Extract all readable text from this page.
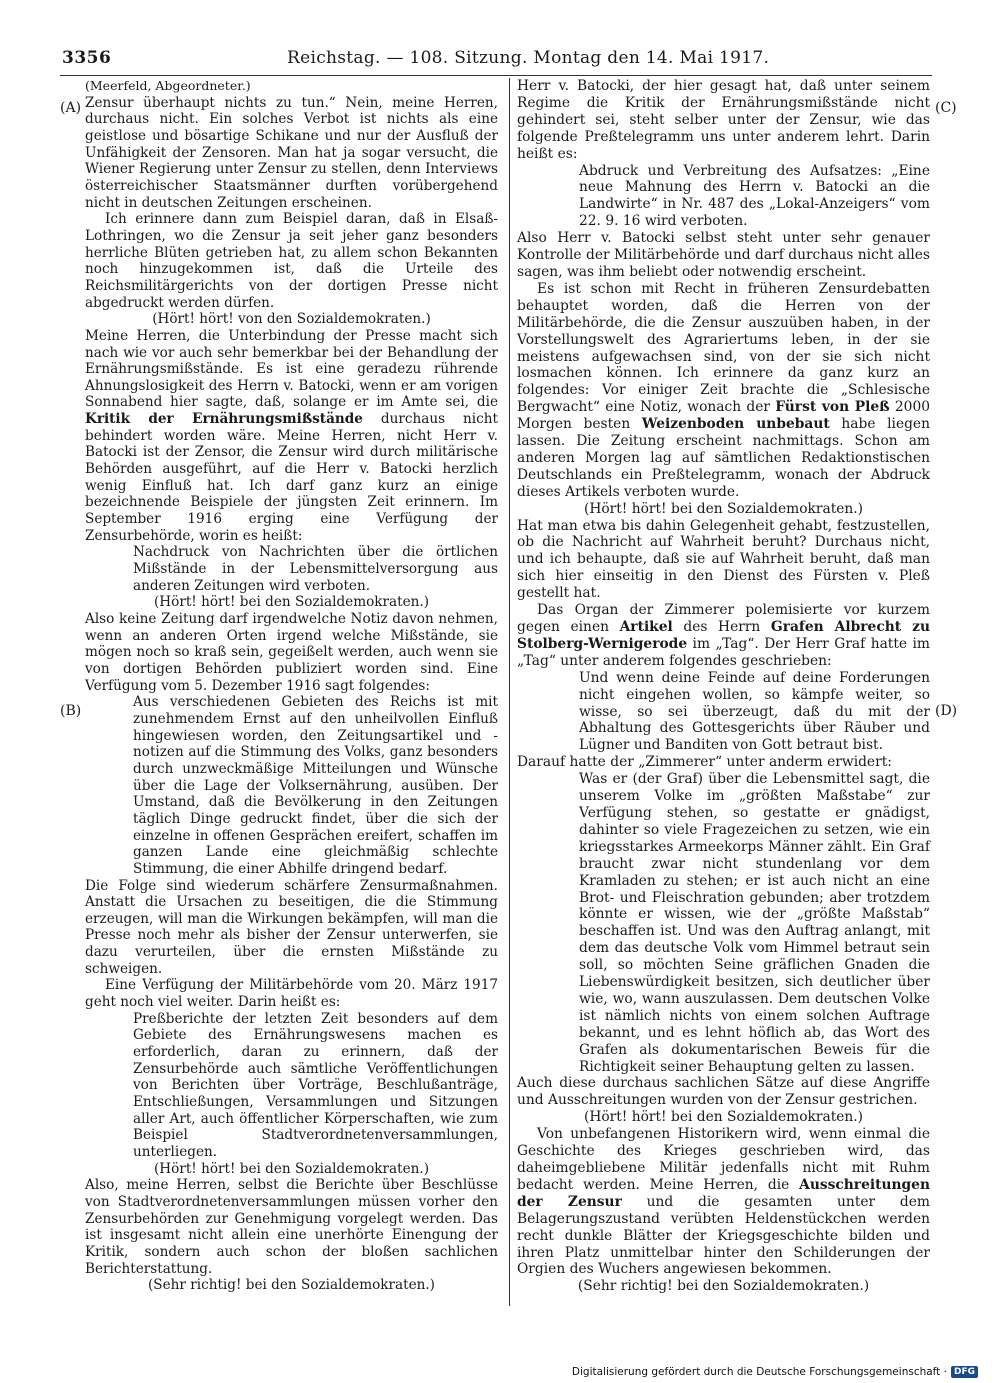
3356	Reichstag. — 108. Sitzung. Montag den 14. Mai 1917.
(A)
(B)
(C)
(D)

(Meerfeld, Abgeordneter.)

Zensur überhaupt nichts zu tun.“ Nein, meine Herren, durchaus nicht. Ein solches Verbot ist nichts als eine geistlose und bösartige Schikane und nur der Ausfluß der Unfähigkeit der Zensoren. Man hat ja sogar versucht, die Wiener Regierung unter Zensur zu stellen, denn Interviews österreichischer Staatsmänner durften vorübergehend nicht in deutschen Zeitungen erscheinen.

Ich erinnere dann zum Beispiel daran, daß in Elsaß-Lothringen, wo die Zensur ja seit jeher ganz besonders herrliche Blüten getrieben hat, zu allem schon Bekannten noch hinzugekommen ist, daß die Urteile des Reichsmilitärgerichts von der dortigen Presse nicht abgedruckt werden dürfen.

(Hört! hört! von den Sozialdemokraten.)

Meine Herren, die Unterbindung der Presse macht sich nach wie vor auch sehr bemerkbar bei der Behandlung der Ernährungsmißstände. Es ist eine geradezu rührende Ahnungslosigkeit des Herrn v. Batocki, wenn er am vorigen Sonnabend hier sagte, daß, solange er im Amte sei, die Kritik der Ernährungsmißstände durchaus nicht behindert worden wäre. Meine Herren, nicht Herr v. Batocki ist der Zensor, die Zensur wird durch militärische Behörden ausgeführt, auf die Herr v. Batocki herzlich wenig Einfluß hat. Ich darf ganz kurz an einige bezeichnende Beispiele der jüngsten Zeit erinnern. Im September 1916 erging eine Verfügung der Zensurbehörde, worin es heißt:

Nachdruck von Nachrichten über die örtlichen Mißstände in der Lebensmittelversorgung aus anderen Zeitungen wird verboten.

(Hört! hört! bei den Sozialdemokraten.)

Also keine Zeitung darf irgendwelche Notiz davon nehmen, wenn an anderen Orten irgend welche Mißstände, sie mögen noch so kraß sein, gegeißelt werden, auch wenn sie von dortigen Behörden publiziert worden sind. Eine Verfügung vom 5. Dezember 1916 sagt folgendes:

Aus verschiedenen Gebieten des Reichs ist mit zunehmendem Ernst auf den unheilvollen Einfluß hingewiesen worden, den Zeitungsartikel und -notizen auf die Stimmung des Volks, ganz besonders durch unzweckmäßige Mitteilungen und Wünsche über die Lage der Volksernährung, ausüben. Der Umstand, daß die Bevölkerung in den Zeitungen täglich Dinge gedruckt findet, über die sich der einzelne in offenen Gesprächen ereifert, schaffen im ganzen Lande eine gleichmäßig schlechte Stimmung, die einer Abhilfe dringend bedarf.

Die Folge sind wiederum schärfere Zensurmaßnahmen. Anstatt die Ursachen zu beseitigen, die die Stimmung erzeugen, will man die Wirkungen bekämpfen, will man die Presse noch mehr als bisher der Zensur unterwerfen, sie dazu verurteilen, über die ernsten Mißstände zu schweigen.

Eine Verfügung der Militärbehörde vom 20. März 1917 geht noch viel weiter. Darin heißt es:

Preßberichte der letzten Zeit besonders auf dem Gebiete des Ernährungswesens machen es erforderlich, daran zu erinnern, daß der Zensurbehörde auch sämtliche Veröffentlichungen von Berichten über Vorträge, Beschlußanträge, Entschließungen, Versammlungen und Sitzungen aller Art, auch öffentlicher Körperschaften, wie zum Beispiel Stadtverordnetenversammlungen, unterliegen.

(Hört! hört! bei den Sozialdemokraten.)

Also, meine Herren, selbst die Berichte über Beschlüsse von Stadtverordnetenversammlungen müssen vorher den Zensurbehörden zur Genehmigung vorgelegt werden. Das ist insgesamt nicht allein eine unerhörte Einengung der Kritik, sondern auch schon der bloßen sachlichen Berichterstattung.

(Sehr richtig! bei den Sozialdemokraten.)

Herr v. Batocki, der hier gesagt hat, daß unter seinem Regime die Kritik der Ernährungsmißstände nicht gehindert sei, steht selber unter der Zensur, wie das folgende Preßtelegramm uns unter anderem lehrt. Darin heißt es:

Abdruck und Verbreitung des Aufsatzes: „Eine neue Mahnung des Herrn v. Batocki an die Landwirte“ in Nr. 487 des „Lokal-Anzeigers“ vom 22. 9. 16 wird verboten.

Also Herr v. Batocki selbst steht unter sehr genauer Kontrolle der Militärbehörde und darf durchaus nicht alles sagen, was ihm beliebt oder notwendig erscheint.

Es ist schon mit Recht in früheren Zensurdebatten behauptet worden, daß die Herren von der Militärbehörde, die die Zensur auszuüben haben, in der Vorstellungswelt des Agrariertums leben, in der sie meistens aufgewachsen sind, von der sie sich nicht losmachen können. Ich erinnere da ganz kurz an folgendes: Vor einiger Zeit brachte die „Schlesische Bergwacht“ eine Notiz, wonach der Fürst von Pleß 2000 Morgen besten Weizenboden unbebaut habe liegen lassen. Die Zeitung erscheint nachmittags. Schon am anderen Morgen lag auf sämtlichen Redaktionstischen Deutschlands ein Preßtelegramm, wonach der Abdruck dieses Artikels verboten wurde.

(Hört! hört! bei den Sozialdemokraten.)

Hat man etwa bis dahin Gelegenheit gehabt, festzustellen, ob die Nachricht auf Wahrheit beruht? Durchaus nicht, und ich behaupte, daß sie auf Wahrheit beruht, daß man sich hier einseitig in den Dienst des Fürsten v. Pleß gestellt hat.

Das Organ der Zimmerer polemisierte vor kurzem gegen einen Artikel des Herrn Grafen Albrecht zu Stolberg-Wernigerode im „Tag“. Der Herr Graf hatte im „Tag“ unter anderem folgendes geschrieben:

Und wenn deine Feinde auf deine Forderungen nicht eingehen wollen, so kämpfe weiter, so wisse, so sei überzeugt, daß du mit der Abhaltung des Gottesgerichts über Räuber und Lügner und Banditen von Gott betraut bist.

Darauf hatte der „Zimmerer“ unter anderm erwidert:

Was er (der Graf) über die Lebensmittel sagt, die unserem Volke im „größten Maßstabe“ zur Verfügung stehen, so gestatte er gnädigst, dahinter so viele Fragezeichen zu setzen, wie ein kriegsstarkes Armeekorps Männer zählt. Ein Graf braucht zwar nicht stundenlang vor dem Kramladen zu stehen; er ist auch nicht an eine Brot- und Fleischration gebunden; aber trotzdem könnte er wissen, wie der „größte Maßstab“ beschaffen ist. Und was den Auftrag anlangt, mit dem das deutsche Volk vom Himmel betraut sein soll, so möchten Seine gräflichen Gnaden die Liebenswürdigkeit besitzen, sich deutlicher über wie, wo, wann auszulassen. Dem deutschen Volke ist nämlich nichts von einem solchen Auftrage bekannt, und es lehnt höflich ab, das Wort des Grafen als dokumentarischen Beweis für die Richtigkeit seiner Behauptung gelten zu lassen.

Auch diese durchaus sachlichen Sätze auf diese Angriffe und Ausschreitungen wurden von der Zensur gestrichen.

(Hört! hört! bei den Sozialdemokraten.)

Von unbefangenen Historikern wird, wenn einmal die Geschichte des Krieges geschrieben wird, das daheimgebliebene Militär jedenfalls nicht mit Ruhm bedacht werden. Meine Herren, die Ausschreitungen der Zensur und die gesamten unter dem Belagerungszustand verübten Heldenstückchen werden recht dunkle Blätter der Kriegsgeschichte bilden und ihren Platz unmittelbar hinter den Schilderungen der Orgien des Wuchers angewiesen bekommen.

(Sehr richtig! bei den Sozialdemokraten.)

Digitalisierung gefördert durch die Deutsche Forschungsgemeinschaft · DFG
